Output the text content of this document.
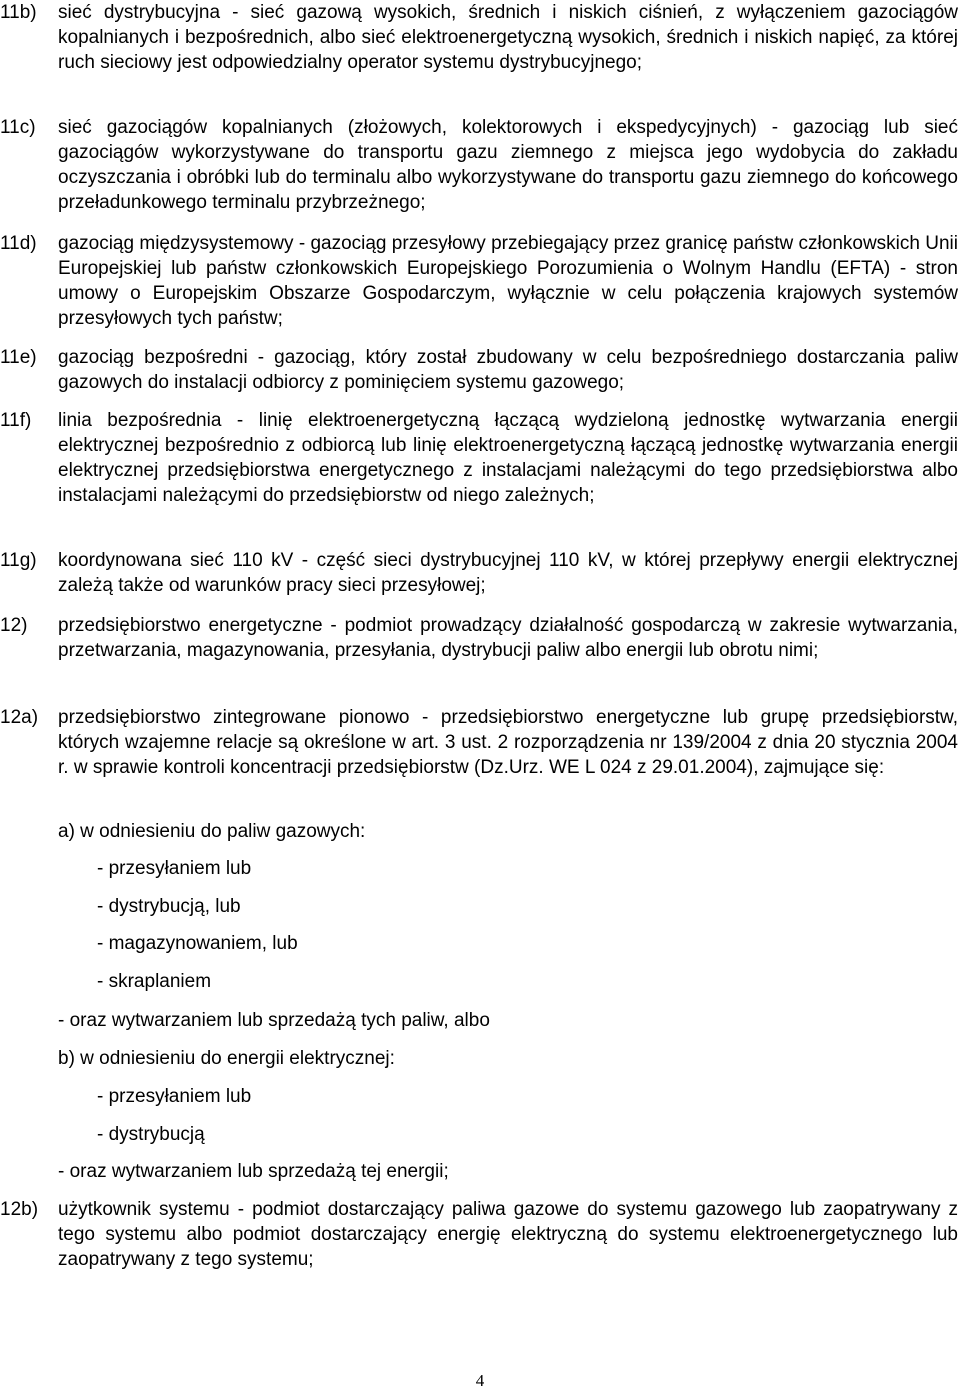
11b)	sieć dystrybucyjna - sieć gazową wysokich, średnich i niskich ciśnień, z wyłączeniem gazociągów kopalnianych i bezpośrednich, albo sieć elektroenergetyczną wysokich, średnich i niskich napięć, za której ruch sieciowy jest odpowiedzialny operator systemu dystrybucyjnego;

11c)	sieć gazociągów kopalnianych (złożowych, kolektorowych i ekspedycyjnych) - gazociąg lub sieć gazociągów wykorzystywane do transportu gazu ziemnego z miejsca jego wydobycia do zakładu oczyszczania i obróbki lub do terminalu albo wykorzystywane do transportu gazu ziemnego do końcowego przeładunkowego terminalu przybrzeżnego;

11d)	gazociąg międzysystemowy - gazociąg przesyłowy przebiegający przez granicę państw członkowskich Unii Europejskiej lub państw członkowskich Europejskiego Porozumienia o Wolnym Handlu (EFTA) - stron umowy o Europejskim Obszarze Gospodarczym, wyłącznie w celu połączenia krajowych systemów przesyłowych tych państw;

11e)	gazociąg bezpośredni - gazociąg, który został zbudowany w celu bezpośredniego dostarczania paliw gazowych do instalacji odbiorcy z pominięciem systemu gazowego;

11f)	linia bezpośrednia - linię elektroenergetyczną łączącą wydzieloną jednostkę wytwarzania energii elektrycznej bezpośrednio z odbiorcą lub linię elektroenergetyczną łączącą jednostkę wytwarzania energii elektrycznej przedsiębiorstwa energetycznego z instalacjami należącymi do tego przedsiębiorstwa albo instalacjami należącymi do przedsiębiorstw od niego zależnych;

11g)	koordynowana sieć 110 kV - część sieci dystrybucyjnej 110 kV, w której przepływy energii elektrycznej zależą także od warunków pracy sieci przesyłowej;

12)	przedsiębiorstwo energetyczne - podmiot prowadzący działalność gospodarczą w zakresie wytwarzania, przetwarzania, magazynowania, przesyłania, dystrybucji paliw albo energii lub obrotu nimi;

12a)	przedsiębiorstwo zintegrowane pionowo - przedsiębiorstwo energetyczne lub grupę przedsiębiorstw, których wzajemne relacje są określone w art. 3 ust. 2 rozporządzenia nr 139/2004 z dnia 20 stycznia 2004 r. w sprawie kontroli koncentracji przedsiębiorstw (Dz.Urz. WE L 024 z 29.01.2004), zajmujące się:

a) w odniesieniu do paliw gazowych:
- przesyłaniem lub
- dystrybucją, lub
- magazynowaniem, lub
- skraplaniem
- oraz wytwarzaniem lub sprzedażą tych paliw, albo
b) w odniesieniu do energii elektrycznej:
- przesyłaniem lub
- dystrybucją
- oraz wytwarzaniem lub sprzedażą tej energii;
12b)	użytkownik systemu - podmiot dostarczający paliwa gazowe do systemu gazowego lub zaopatrywany z tego systemu albo podmiot dostarczający energię elektryczną do systemu elektroenergetycznego lub zaopatrywany z tego systemu;

4
